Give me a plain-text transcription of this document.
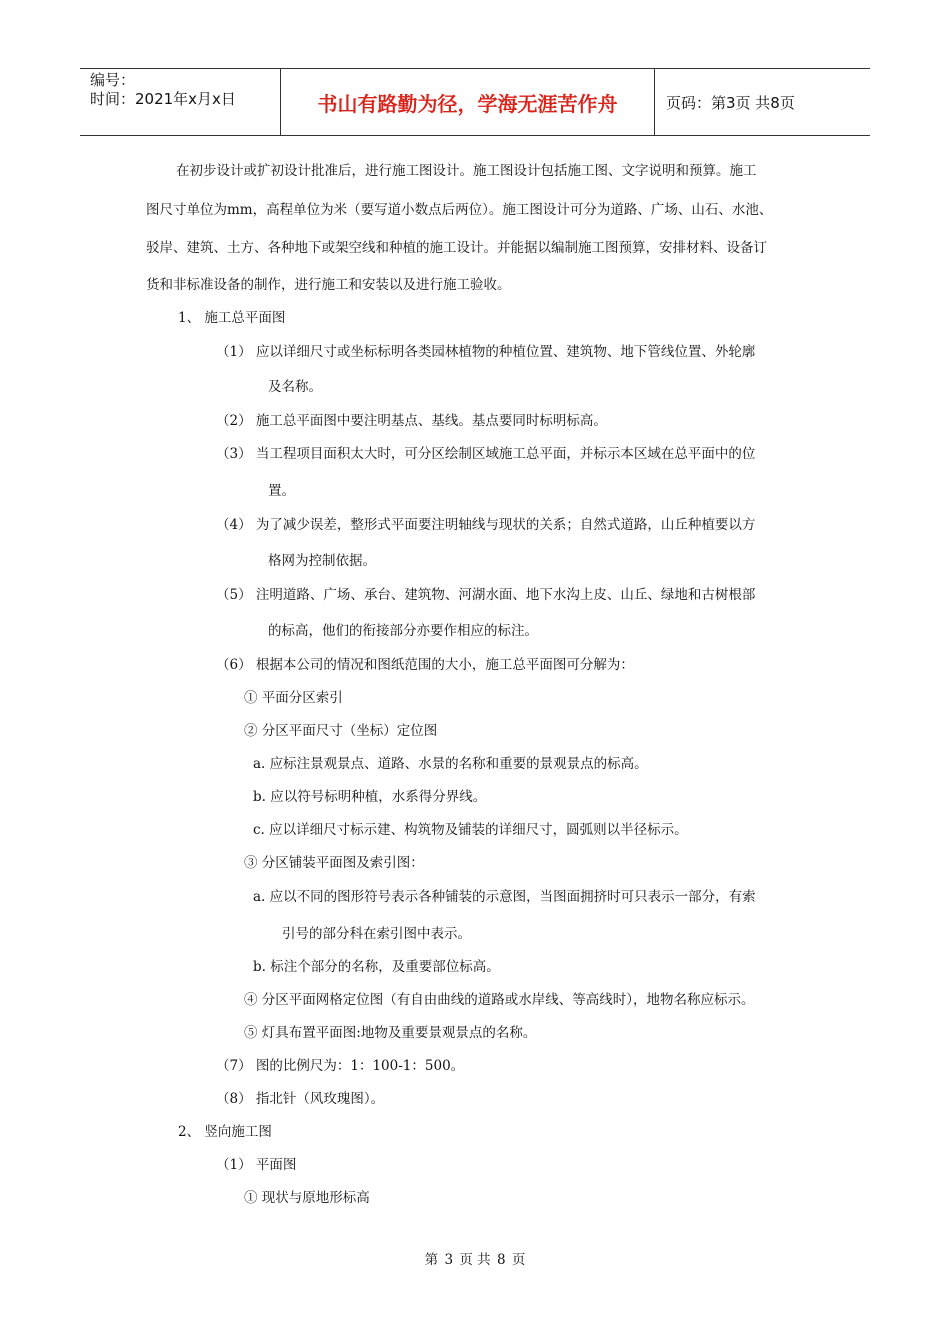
编号：
时间：2021年x月x日	书山有路勤为径，学海无涯苦作舟	页码：第3页 共8页
在初步设计或扩初设计批准后，进行施工图设计。施工图设计包括施工图、文字说明和预算。施工
图尺寸单位为mm，高程单位为米（要写道小数点后两位）。施工图设计可分为道路、广场、山石、水池、
驳岸、建筑、土方、各种地下或架空线和种植的施工设计。并能据以编制施工图预算，安排材料、设备订
货和非标准设备的制作，进行施工和安装以及进行施工验收。
1、 施工总平面图
（1） 应以详细尺寸或坐标标明各类园林植物的种植位置、建筑物、地下管线位置、外轮廓
及名称。
（2） 施工总平面图中要注明基点、基线。基点要同时标明标高。
（3） 当工程项目面积太大时，可分区绘制区域施工总平面，并标示本区域在总平面中的位
置。
（4） 为了减少误差，整形式平面要注明轴线与现状的关系；自然式道路，山丘种植要以方
格网为控制依据。
（5） 注明道路、广场、承台、建筑物、河湖水面、地下水沟上皮、山丘、绿地和古树根部
的标高，他们的衔接部分亦要作相应的标注。
（6） 根据本公司的情况和图纸范围的大小，施工总平面图可分解为：
① 平面分区索引
② 分区平面尺寸（坐标）定位图
a. 应标注景观景点、道路、水景的名称和重要的景观景点的标高。
b. 应以符号标明种植，水系得分界线。
c. 应以详细尺寸标示建、构筑物及铺装的详细尺寸，圆弧则以半径标示。
③ 分区铺装平面图及索引图：
a. 应以不同的图形符号表示各种铺装的示意图，当图面拥挤时可只表示一部分，有索
引号的部分科在索引图中表示。
b. 标注个部分的名称，及重要部位标高。
④ 分区平面网格定位图（有自由曲线的道路或水岸线、等高线时），地物名称应标示。
⑤ 灯具布置平面图:地物及重要景观景点的名称。
（7） 图的比例尺为：1：100-1：500。
（8） 指北针（风玫瑰图）。
2、 竖向施工图
（1） 平面图
① 现状与原地形标高
第 3 页 共 8 页
